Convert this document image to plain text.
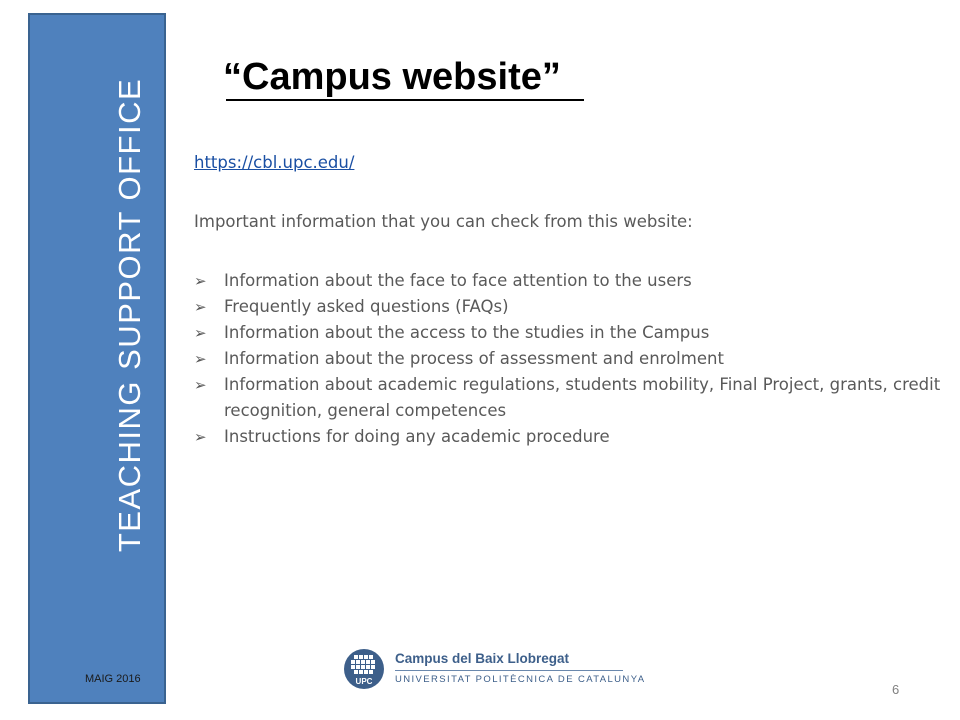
TEACHING SUPPORT OFFICE
MAIG 2016
“Campus website”
https://cbl.upc.edu/

Important information that you can check from this website:

➢ Information about the face to face attention to the users
➢ Frequently asked questions (FAQs)
➢ Information about the access to the studies in the Campus
➢ Information about the process of assessment and enrolment
➢ Information about academic regulations, students mobility, Final Project, grants, credit recognition, general competences
➢ Instructions for doing any academic procedure
UPC
Campus del Baix Llobregat
UNIVERSITAT POLITÈCNICA DE CATALUNYA
6
